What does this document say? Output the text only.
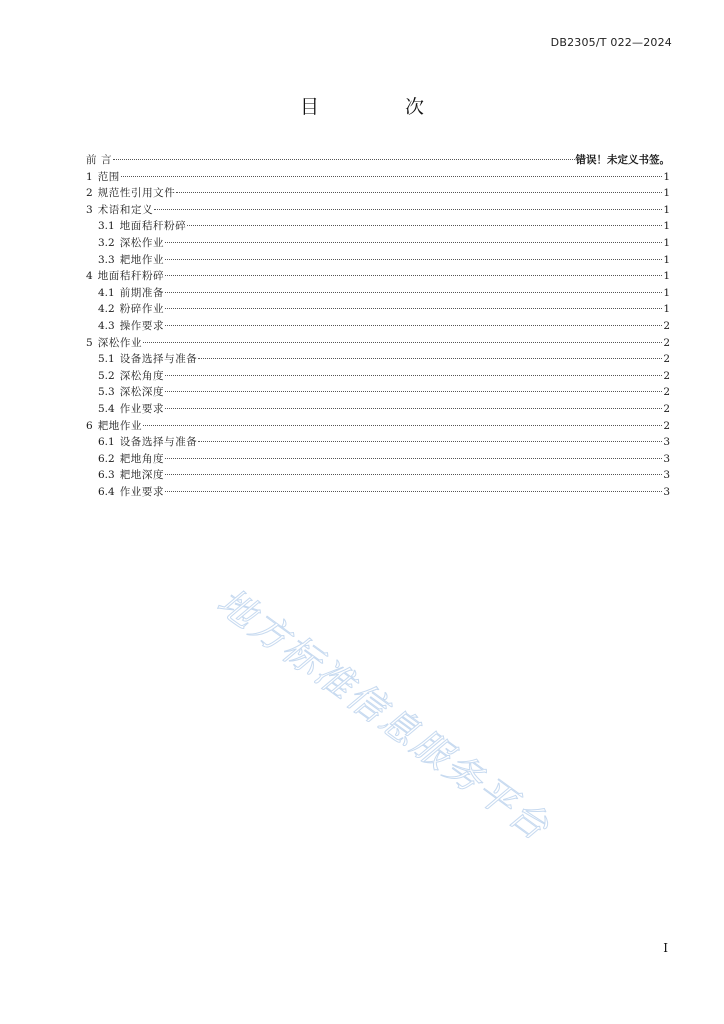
DB2305/T 022—2024
目 次
前 言	错误！未定义书签。
1 范围	1
2 规范性引用文件	1
3 术语和定义	1
3.1 地面秸秆粉碎	1
3.2 深松作业	1
3.3 耙地作业	1
4 地面秸秆粉碎	1
4.1 前期准备	1
4.2 粉碎作业	1
4.3 操作要求	2
5 深松作业	2
5.1 设备选择与准备	2
5.2 深松角度	2
5.3 深松深度	2
5.4 作业要求	2
6 耙地作业	2
6.1 设备选择与准备	3
6.2 耙地角度	3
6.3 耙地深度	3
6.4 作业要求	3
地方标准信息服务平台
I
